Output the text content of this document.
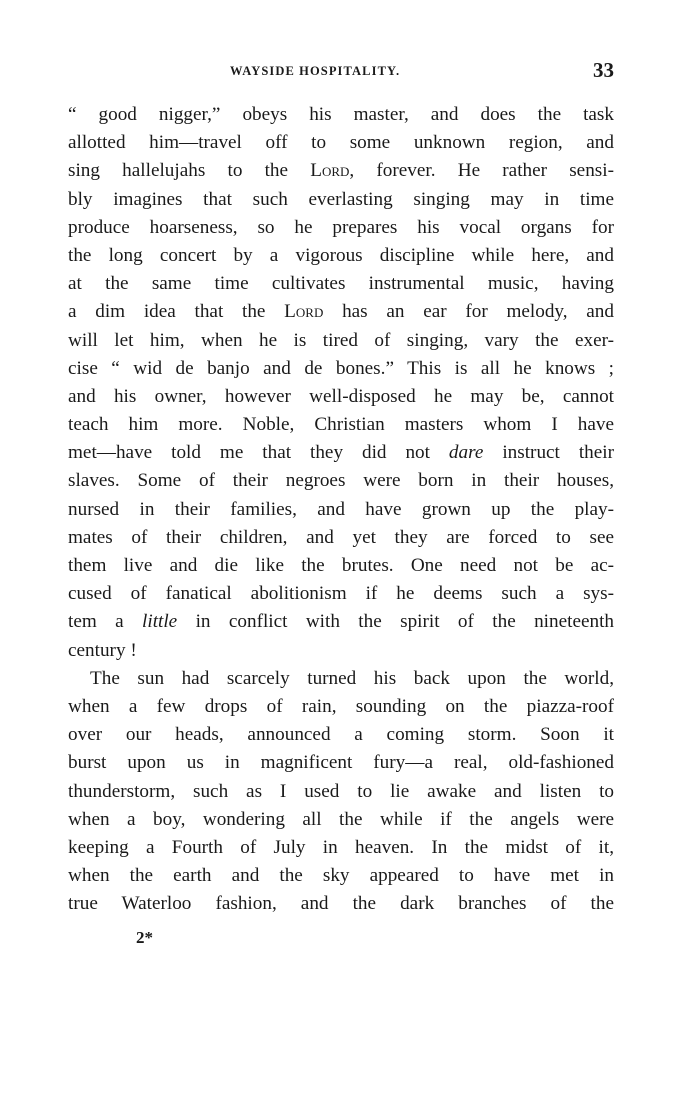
WAYSIDE HOSPITALITY.	33
“ good nigger,” obeys his master, and does the task
allotted him—travel off to some unknown region, and
sing hallelujahs to the Lord, forever. He rather sensi-
bly imagines that such everlasting singing may in time
produce hoarseness, so he prepares his vocal organs for
the long concert by a vigorous discipline while here, and
at the same time cultivates instrumental music, having
a dim idea that the Lord has an ear for melody, and
will let him, when he is tired of singing, vary the exer-
cise “ wid de banjo and de bones.” This is all he knows ;
and his owner, however well-disposed he may be, cannot
teach him more. Noble, Christian masters whom I have
met—have told me that they did not dare instruct their
slaves. Some of their negroes were born in their houses,
nursed in their families, and have grown up the play-
mates of their children, and yet they are forced to see
them live and die like the brutes. One need not be ac-
cused of fanatical abolitionism if he deems such a sys-
tem a little in conflict with the spirit of the nineteenth
century !
The sun had scarcely turned his back upon the world,
when a few drops of rain, sounding on the piazza-roof
over our heads, announced a coming storm. Soon it
burst upon us in magnificent fury—a real, old-fashioned
thunderstorm, such as I used to lie awake and listen to
when a boy, wondering all the while if the angels were
keeping a Fourth of July in heaven. In the midst of it,
when the earth and the sky appeared to have met in
true Waterloo fashion, and the dark branches of the
2*
